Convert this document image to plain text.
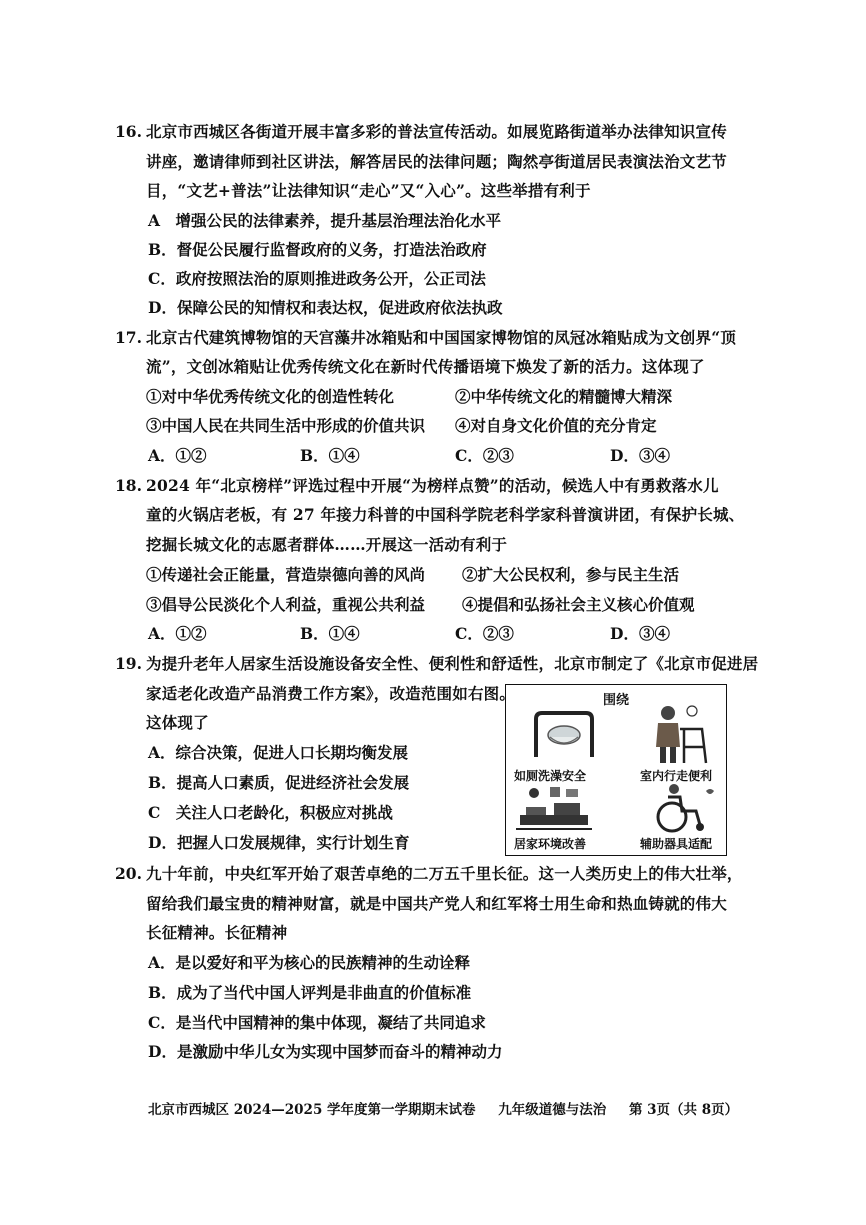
16. 北京市西城区各街道开展丰富多彩的普法宣传活动。如展览路街道举办法律知识宣传
讲座，邀请律师到社区讲法，解答居民的法律问题；陶然亭街道居民表演法治文艺节
目，“文艺+普法”让法律知识“走心”又“入心”。这些举措有利于
A　增强公民的法律素养，提升基层治理法治化水平
B．督促公民履行监督政府的义务，打造法治政府
C．政府按照法治的原则推进政务公开，公正司法
D．保障公民的知情权和表达权，促进政府依法执政
17. 北京古代建筑博物馆的天宫藻井冰箱贴和中国国家博物馆的凤冠冰箱贴成为文创界“顶
流”，文创冰箱贴让优秀传统文化在新时代传播语境下焕发了新的活力。这体现了
①对中华优秀传统文化的创造性转化	②中华传统文化的精髓博大精深
③中国人民在共同生活中形成的价值共识 ④对自身文化价值的充分肯定
A．①②	B．①④	C．②③	D．③④
18. 2024 年“北京榜样”评选过程中开展“为榜样点赞”的活动，候选人中有勇救落水儿
童的火锅店老板，有 27 年接力科普的中国科学院老科学家科普演讲团，有保护长城、
挖掘长城文化的志愿者群体……开展这一活动有利于
①传递社会正能量，营造崇德向善的风尚 ②扩大公民权利，参与民主生活
③倡导公民淡化个人利益，重视公共利益 ④提倡和弘扬社会主义核心价值观
A．①②	B．①④	C．②③	D．③④
19. 为提升老年人居家生活设施设备安全性、便利性和舒适性，北京市制定了《北京市促进居
家适老化改造产品消费工作方案》，改造范围如右图。
这体现了
A．综合决策，促进人口长期均衡发展
B．提高人口素质，促进经济社会发展
C　关注人口老龄化，积极应对挑战
D．把握人口发展规律，实行计划生育
围绕
如厕洗澡安全	室内行走便利
居家环境改善	辅助器具适配
20. 九十年前，中央红军开始了艰苦卓绝的二万五千里长征。这一人类历史上的伟大壮举，
留给我们最宝贵的精神财富，就是中国共产党人和红军将士用生命和热血铸就的伟大
长征精神。长征精神
A．是以爱好和平为核心的民族精神的生动诠释
B．成为了当代中国人评判是非曲直的价值标准
C．是当代中国精神的集中体现，凝结了共同追求
D．是激励中华儿女为实现中国梦而奋斗的精神动力
北京市西城区 2024—2025 学年度第一学期期末试卷 九年级道德与法治 第 3页（共 8页）
